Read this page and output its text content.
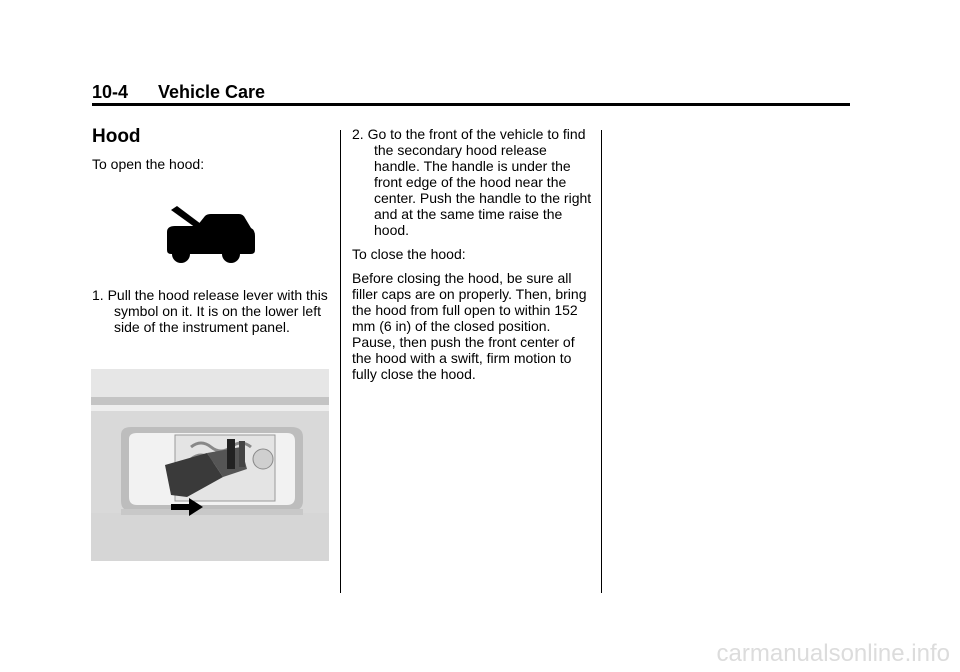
10-4 Vehicle Care
Hood

To open the hood:

1. Pull the hood release lever with this symbol on it. It is on the lower left side of the instrument panel.

2. Go to the front of the vehicle to find the secondary hood release handle. The handle is under the front edge of the hood near the center. Push the handle to the right and at the same time raise the hood.

To close the hood:

Before closing the hood, be sure all filler caps are on properly. Then, bring the hood from full open to within 152 mm (6 in) of the closed position. Pause, then push the front center of the hood with a swift, firm motion to fully close the hood.

carmanualsonline.info
